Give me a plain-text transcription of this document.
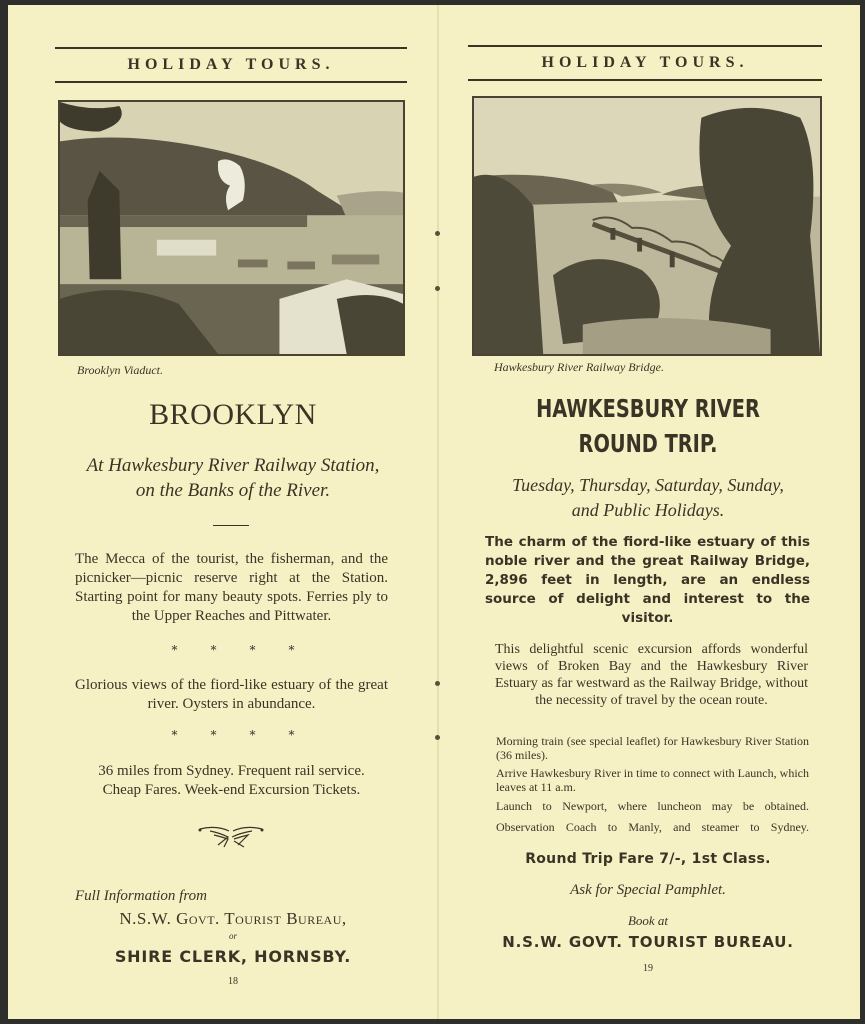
HOLIDAY TOURS.
Brooklyn Viaduct.
BROOKLYN
At Hawkesbury River Railway Station,
on the Banks of the River.
The Mecca of the tourist, the fisherman, and the picnicker—picnic reserve right at the Station. Starting point for many beauty spots. Ferries ply to the Upper Reaches and Pittwater.
*	*	*	*
Glorious views of the fiord-like estuary of the great river. Oysters in abundance.
*	*	*	*
36 miles from Sydney. Frequent rail service.
Cheap Fares. Week-end Excursion Tickets.
Full Information from
N.S.W. Govt. Tourist Bureau,
or
SHIRE CLERK, HORNSBY.
18
HOLIDAY TOURS.
Hawkesbury River Railway Bridge.
HAWKESBURY RIVER
ROUND TRIP.
Tuesday, Thursday, Saturday, Sunday,
and Public Holidays.
The charm of the fiord-like estuary of this noble river and the great Railway Bridge, 2,896 feet in length, are an endless source of delight and interest to the visitor.
This delightful scenic excursion affords wonderful views of Broken Bay and the Hawkesbury River Estuary as far westward as the Railway Bridge, without the necessity of travel by the ocean route.
Morning train (see special leaflet) for Hawkesbury River Station (36 miles).
Arrive Hawkesbury River in time to connect with Launch, which leaves at 11 a.m.
Launch to Newport, where luncheon may be obtained.
Observation Coach to Manly, and steamer to Sydney.
Round Trip Fare 7/-, 1st Class.
Ask for Special Pamphlet.
Book at
N.S.W. GOVT. TOURIST BUREAU.
19
